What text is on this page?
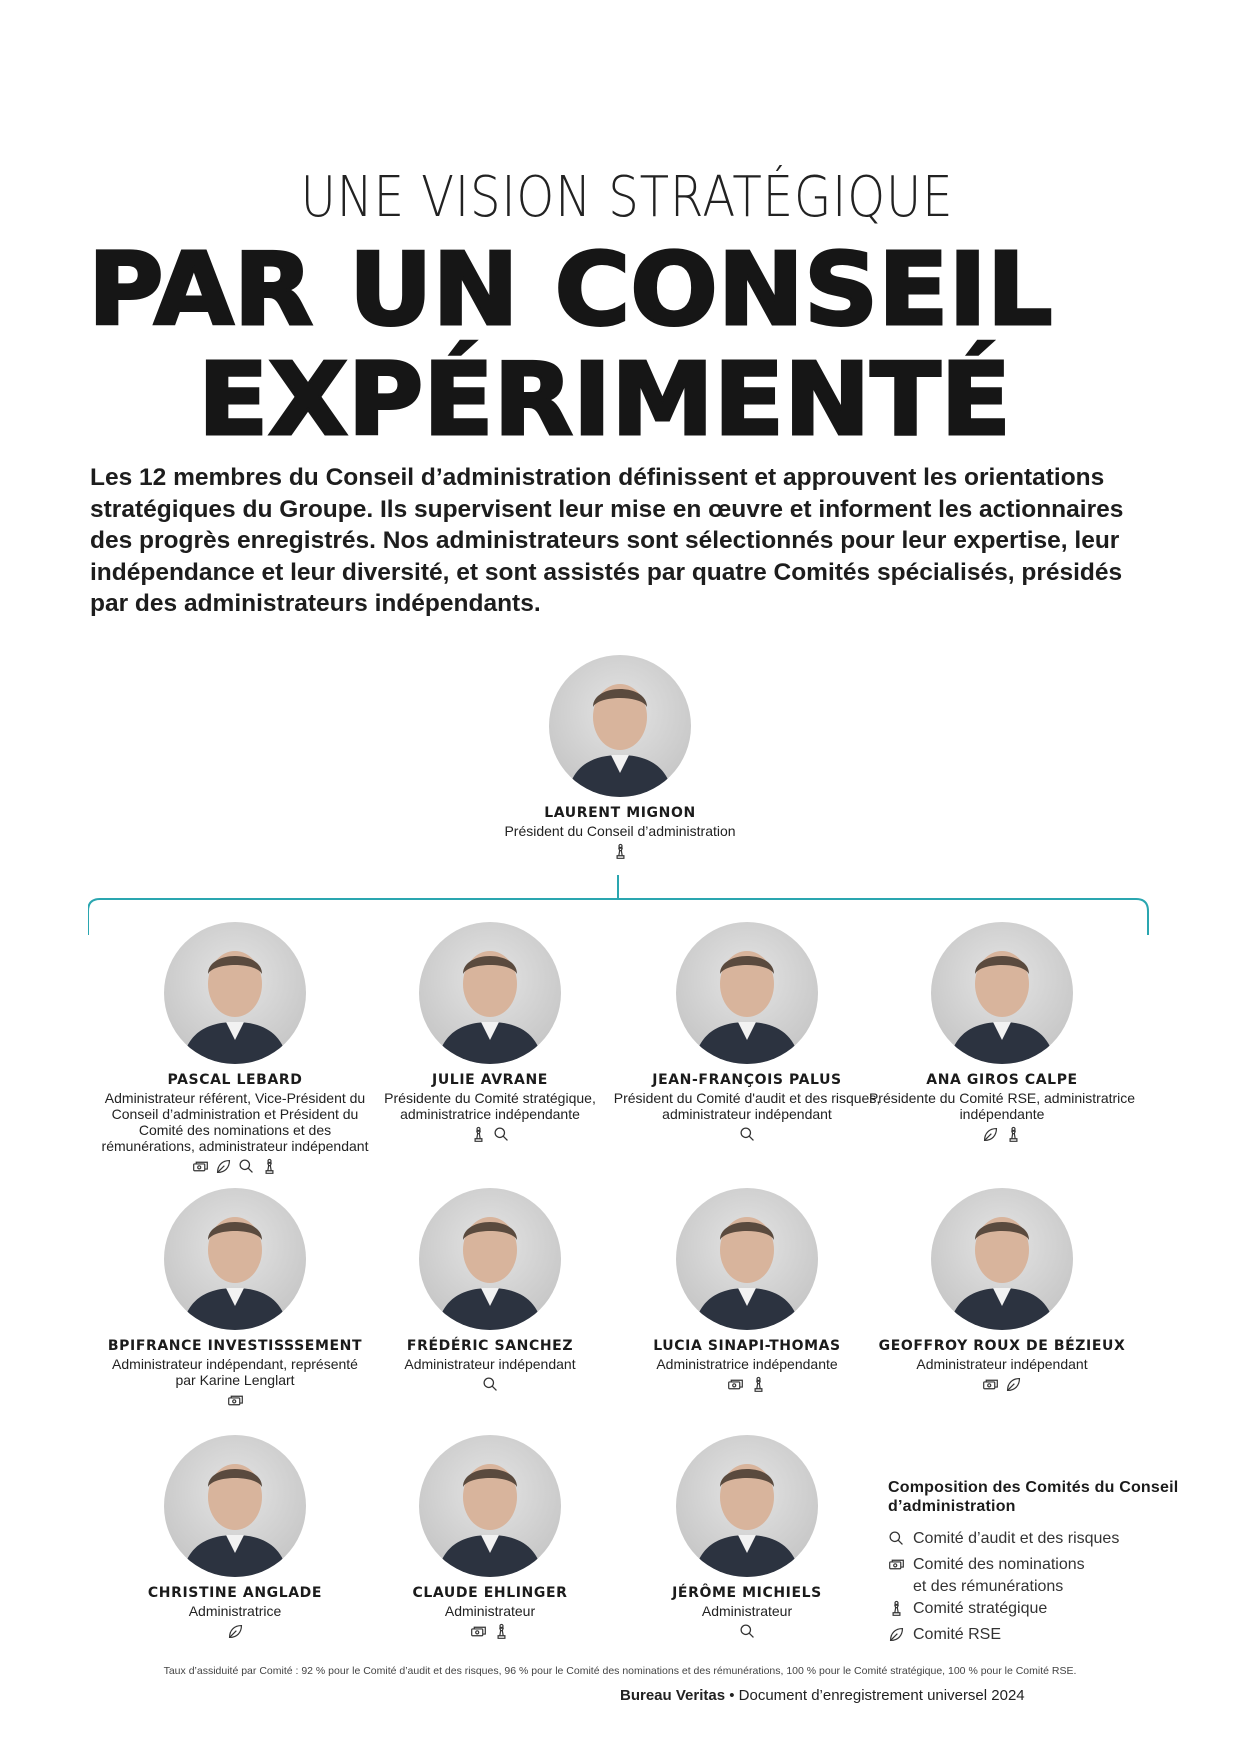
UNE VISION STRATÉGIQUE
PAR UN CONSEIL
EXPÉRIMENTÉ
Les 12 membres du Conseil d’administration définissent et approuvent les orientations stratégiques du Groupe. Ils supervisent leur mise en œuvre et informent les actionnaires des progrès enregistrés. Nos administrateurs sont sélectionnés pour leur expertise, leur indépendance et leur diversité, et sont assistés par quatre Comités spécialisés, présidés par des administrateurs indépendants.
LAURENT MIGNON
Président du Conseil d’administration
PASCAL LEBARD
Administrateur référent, Vice-Président du Conseil d’administration et Président du Comité des nominations et des rémunérations, administrateur indépendant
JULIE AVRANE
Présidente du Comité stratégique, administratrice indépendante
JEAN-FRANÇOIS PALUS
Président du Comité d'audit et des risques, administrateur indépendant
ANA GIROS CALPE
Présidente du Comité RSE, administratrice indépendante
BPIFRANCE INVESTISSSEMENT
Administrateur indépendant, représenté par Karine Lenglart
FRÉDÉRIC SANCHEZ
Administrateur indépendant
LUCIA SINAPI-THOMAS
Administratrice indépendante
GEOFFROY ROUX DE BÉZIEUX
Administrateur indépendant
CHRISTINE ANGLADE
Administratrice
CLAUDE EHLINGER
Administrateur
JÉRÔME MICHIELS
Administrateur
Composition des Comités du Conseil d’administration
Comité d’audit et des risques
Comité des nominations
et des rémunérations
Comité stratégique
Comité RSE
Taux d’assiduité par Comité : 92 % pour le Comité d’audit et des risques, 96 % pour le Comité des nominations et des rémunérations, 100 % pour le Comité stratégique, 100 % pour le Comité RSE.
Bureau Veritas • Document d’enregistrement universel 2024
